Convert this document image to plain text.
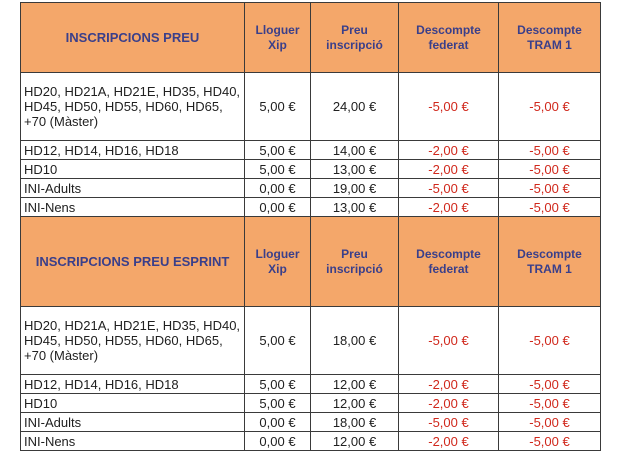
INSCRIPCIONS PREU	Lloguer Xip	Preu inscripció	Descompte federat	Descompte TRAM 1
HD20, HD21A, HD21E, HD35, HD40, HD45, HD50, HD55, HD60, HD65, +70 (Màster)	5,00 €	24,00 €	-5,00 €	-5,00 €
HD12, HD14, HD16, HD18	5,00 €	14,00 €	-2,00 €	-5,00 €
HD10	5,00 €	13,00 €	-2,00 €	-5,00 €
INI-Adults	0,00 €	19,00 €	-5,00 €	-5,00 €
INI-Nens	0,00 €	13,00 €	-2,00 €	-5,00 €
INSCRIPCIONS PREU ESPRINT	Lloguer Xip	Preu inscripció	Descompte federat	Descompte TRAM 1
HD20, HD21A, HD21E, HD35, HD40, HD45, HD50, HD55, HD60, HD65, +70 (Màster)	5,00 €	18,00 €	-5,00 €	-5,00 €
HD12, HD14, HD16, HD18	5,00 €	12,00 €	-2,00 €	-5,00 €
HD10	5,00 €	12,00 €	-2,00 €	-5,00 €
INI-Adults	0,00 €	18,00 €	-5,00 €	-5,00 €
INI-Nens	0,00 €	12,00 €	-2,00 €	-5,00 €
